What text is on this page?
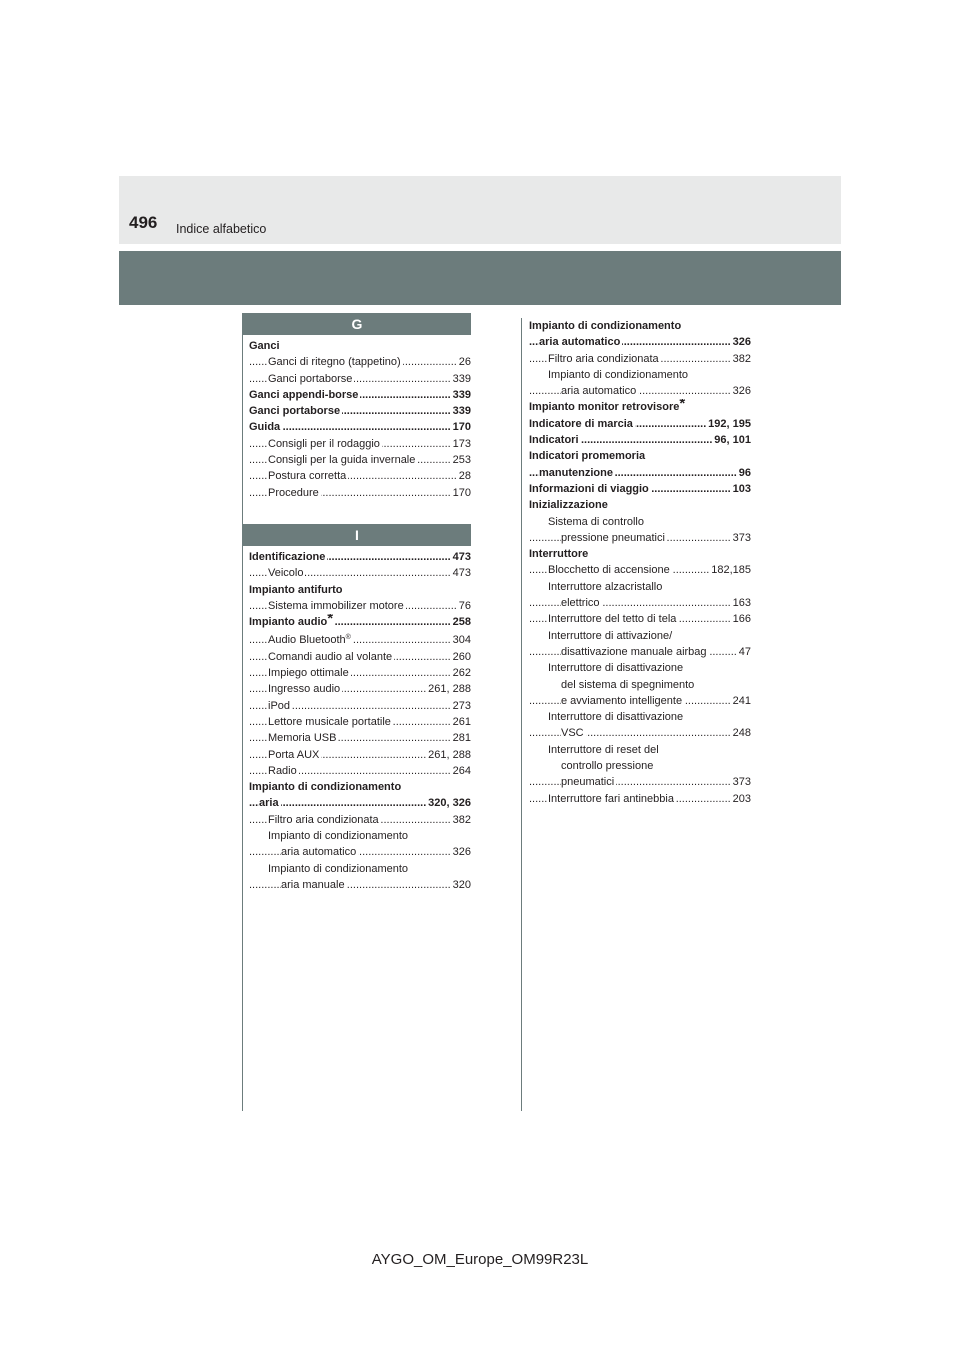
496 Indice alfabetico
G
Ganci
Ganci di ritegno (tappetino)	26
.....
Ganci portaborse	339
.....
Ganci appendi-borse	339
.....
Ganci portaborse	339
.....
Guida	170
.....
Consigli per il rodaggio	173
.....
Consigli per la guida invernale	253
.....
Postura corretta	28
.....
Procedure	170
.....
I
Identificazione	473
.....
Veicolo	473
.....
Impianto antifurto
Sistema immobilizer motore	76
.....
Impianto audio*	258
.....
Audio Bluetooth®	304
.....
Comandi audio al volante	260
.....
Impiego ottimale	262
.....
Ingresso audio	261, 288
.....
iPod	273
.....
Lettore musicale portatile	261
.....
Memoria USB	281
.....
Porta AUX	261, 288
.....
Radio	264
.....
Impianto di condizionamento
aria	320, 326
.....
Filtro aria condizionata	382
.....
Impianto di condizionamento
aria automatico	326
.....
Impianto di condizionamento
aria manuale	320
.....
Impianto di condizionamento
aria automatico	326
.....
Filtro aria condizionata	382
.....
Impianto di condizionamento
aria automatico	326
.....
Impianto monitor retrovisore*
Indicatore di marcia	192, 195
.....
Indicatori	96, 101
.....
Indicatori promemoria
manutenzione	96
.....
Informazioni di viaggio	103
.....
Inizializzazione
Sistema di controllo
pressione pneumatici	373
.....
Interruttore
Blocchetto di accensione	182,185
.....
Interruttore alzacristallo
elettrico	163
.....
Interruttore del tetto di tela	166
.....
Interruttore di attivazione/
disattivazione manuale airbag	47
.....
Interruttore di disattivazione
del sistema di spegnimento
e avviamento intelligente	241
.....
Interruttore di disattivazione
VSC	248
.....
Interruttore di reset del
controllo pressione
pneumatici	373
.....
Interruttore fari antinebbia	203
.....
AYGO_OM_Europe_OM99R23L
